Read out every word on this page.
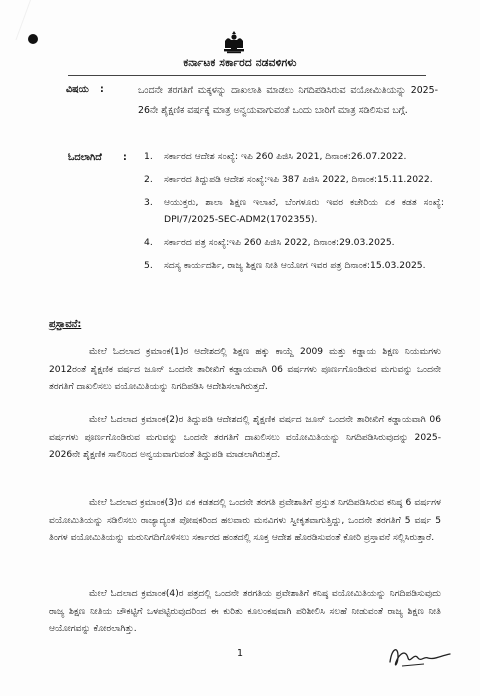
ಕರ್ನಾಟಕ ಸರ್ಕಾರದ ನಡವಳಿಗಳು
ವಿಷಯ :	ಒಂದನೇ ತರಗತಿಗೆ ಮಕ್ಕಳನ್ನು ದಾಖಲಾತಿ ಮಾಡಲು ನಿಗದಿಪಡಿಸಿರುವ ವಯೋಮಿತಿಯನ್ನು 2025-26ನೇ ಶೈಕ್ಷಣಿಕ ವರ್ಷಕ್ಕೆ ಮಾತ್ರ ಅನ್ವಯವಾಗುವಂತೆ ಒಂದು ಬಾರಿಗೆ ಮಾತ್ರ ಸಡಿಲಿಸುವ ಬಗ್ಗೆ.
ಓದಲಾಗಿದೆ : 1. ಸರ್ಕಾರದ ಆದೇಶ ಸಂಖ್ಯೆ: ಇಪಿ 260 ಪಿಜಿಸಿ 2021, ದಿನಾಂಕ:26.07.2022.
2. ಸರ್ಕಾರದ ತಿದ್ದುಪಡಿ ಆದೇಶ ಸಂಖ್ಯೆ:ಇಪಿ 387 ಪಿಜಿಸಿ 2022, ದಿನಾಂಕ:15.11.2022.
3. ಆಯುಕ್ತರು, ಶಾಲಾ ಶಿಕ್ಷಣ ಇಲಾಖೆ, ಬೆಂಗಳೂರು ಇವರ ಕಚೇರಿಯ ಏಕ ಕಡತ ಸಂಖ್ಯೆ: DPI/7/2025-SEC-ADM2(1702355).
4. ಸರ್ಕಾರದ ಪತ್ರ ಸಂಖ್ಯೆ:ಇಪಿ 260 ಪಿಜಿಸಿ 2022, ದಿನಾಂಕ:29.03.2025.
5. ಸದಸ್ಯ ಕಾರ್ಯದರ್ಶಿ, ರಾಜ್ಯ ಶಿಕ್ಷಣ ನೀತಿ ಆಯೋಗ ಇವರ ಪತ್ರ ದಿನಾಂಕ:15.03.2025.
ಪ್ರಸ್ತಾವನೆ:

ಮೇಲೆ ಓದಲಾದ ಕ್ರಮಾಂಕ(1)ರ ಆದೇಶದಲ್ಲಿ ಶಿಕ್ಷಣ ಹಕ್ಕು ಕಾಯ್ದೆ 2009 ಮತ್ತು ಕಡ್ಡಾಯ ಶಿಕ್ಷಣ ನಿಯಮಗಳು 2012ರಂತೆ ಶೈಕ್ಷಣಿಕ ವರ್ಷದ ಜೂನ್ ಒಂದನೇ ತಾರೀಖಿಗೆ ಕಡ್ಡಾಯವಾಗಿ 06 ವರ್ಷಗಳು ಪೂರ್ಣಗೊಂಡಿರುವ ಮಗುವನ್ನು ಒಂದನೇ ತರಗತಿಗೆ ದಾಖಲಿಸಲು ವಯೋಮಿತಿಯನ್ನು ನಿಗದಿಪಡಿಸಿ ಆದೇಶಿಸಲಾಗಿರುತ್ತದೆ.

ಮೇಲೆ ಓದಲಾದ ಕ್ರಮಾಂಕ(2)ರ ತಿದ್ದುಪಡಿ ಆದೇಶದಲ್ಲಿ ಶೈಕ್ಷಣಿಕ ವರ್ಷದ ಜೂನ್ ಒಂದನೇ ತಾರೀಖಿಗೆ ಕಡ್ಡಾಯವಾಗಿ 06 ವರ್ಷಗಳು ಪೂರ್ಣಗೊಂಡಿರುವ ಮಗುವನ್ನು ಒಂದನೇ ತರಗತಿಗೆ ದಾಖಲಿಸಲು ವಯೋಮಿತಿಯನ್ನು ನಿಗದಿಪಡಿಸಿರುವುದನ್ನು 2025-2026ನೇ ಶೈಕ್ಷಣಿಕ ಸಾಲಿನಿಂದ ಅನ್ವಯವಾಗುವಂತೆ ತಿದ್ದುಪಡಿ ಮಾಡಲಾಗಿರುತ್ತದೆ.

ಮೇಲೆ ಓದಲಾದ ಕ್ರಮಾಂಕ(3)ರ ಏಕ ಕಡತದಲ್ಲಿ ಒಂದನೇ ತರಗತಿ ಪ್ರವೇಶಾತಿಗೆ ಪ್ರಸ್ತುತ ನಿಗದಿಪಡಿಸಿರುವ ಕನಿಷ್ಠ 6 ವರ್ಷಗಳ ವಯೋಮಿತಿಯನ್ನು ಸಡಿಲಿಸಲು ರಾಜ್ಯಾದ್ಯಂತ ಪೋಷಕರಿಂದ ಹಲವಾರು ಮನವಿಗಳು ಸ್ವೀಕೃತವಾಗುತ್ತಿದ್ದು, ಒಂದನೇ ತರಗತಿಗೆ 5 ವರ್ಷ 5 ತಿಂಗಳ ವಯೋಮಿತಿಯನ್ನು ಮರುನಿಗದಿಗೊಳಿಸಲು ಸರ್ಕಾರದ ಹಂತದಲ್ಲಿ ಸೂಕ್ತ ಆದೇಶ ಹೊರಡಿಸುವಂತೆ ಕೋರಿ ಪ್ರಸ್ತಾವನೆ ಸಲ್ಲಿಸಿರುತ್ತಾರೆ.

ಮೇಲೆ ಓದಲಾದ ಕ್ರಮಾಂಕ(4)ರ ಪತ್ರದಲ್ಲಿ ಒಂದನೇ ತರಗತಿಯ ಪ್ರವೇಶಾತಿಗೆ ಕನಿಷ್ಠ ವಯೋಮಿತಿಯನ್ನು ನಿಗದಿಪಡಿಸುವುದು ರಾಜ್ಯ ಶಿಕ್ಷಣ ನೀತಿಯ ಚೌಕಟ್ಟಿಗೆ ಒಳಪಟ್ಟಿರುವುದರಿಂದ ಈ ಕುರಿತು ಕೂಲಂಕಷವಾಗಿ ಪರಿಶೀಲಿಸಿ ಸಲಹೆ ನೀಡುವಂತೆ ರಾಜ್ಯ ಶಿಕ್ಷಣ ನೀತಿ ಆಯೋಗವನ್ನು ಕೋರಲಾಗಿತ್ತು.

1
